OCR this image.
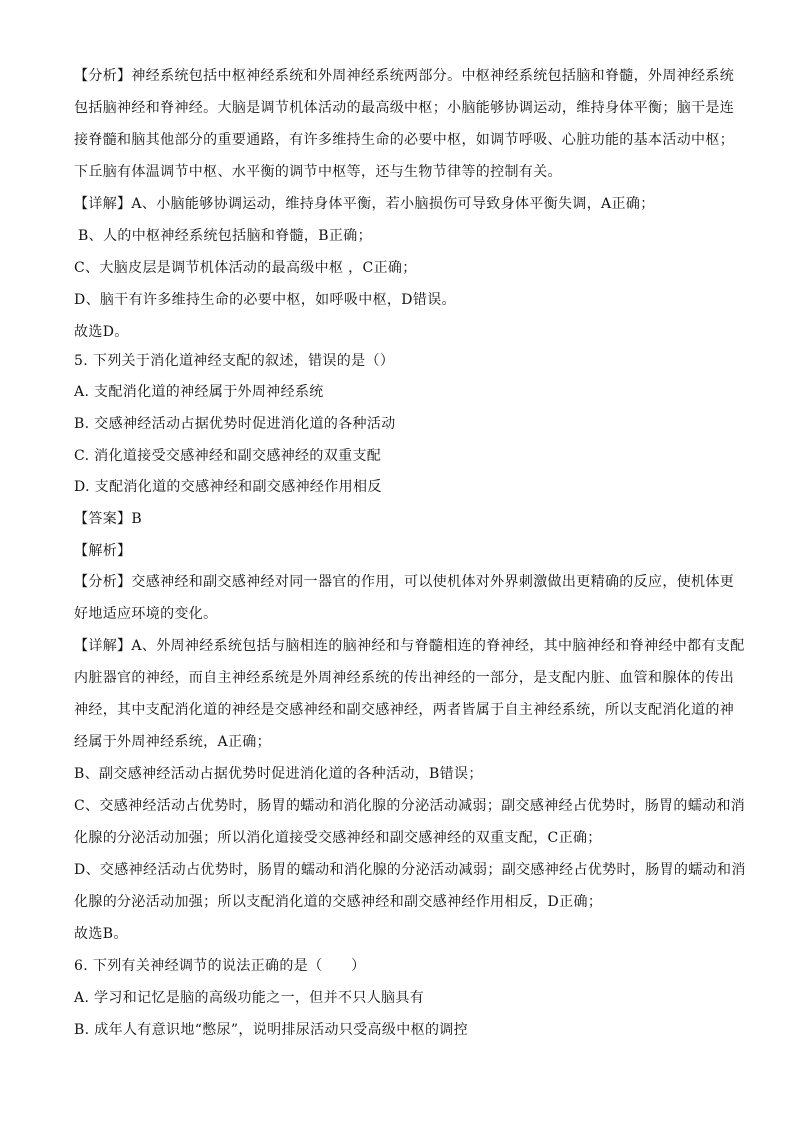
【分析】神经系统包括中枢神经系统和外周神经系统两部分。中枢神经系统包括脑和脊髓，外周神经系统
包括脑神经和脊神经。大脑是调节机体活动的最高级中枢；小脑能够协调运动，维持身体平衡；脑干是连
接脊髓和脑其他部分的重要通路，有许多维持生命的必要中枢，如调节呼吸、心脏功能的基本活动中枢；
下丘脑有体温调节中枢、水平衡的调节中枢等，还与生物节律等的控制有关。
【详解】A、小脑能够协调运动，维持身体平衡，若小脑损伤可导致身体平衡失调，A正确；
B、人的中枢神经系统包括脑和脊髓，B正确；
C、大脑皮层是调节机体活动的最高级中枢 ，C正确；
D、脑干有许多维持生命的必要中枢，如呼吸中枢，D错误。
故选D。
5. 下列关于消化道神经支配的叙述，错误的是（）
A. 支配消化道的神经属于外周神经系统
B. 交感神经活动占据优势时促进消化道的各种活动
C. 消化道接受交感神经和副交感神经的双重支配
D. 支配消化道的交感神经和副交感神经作用相反
【答案】B
【解析】
【分析】交感神经和副交感神经对同一器官的作用，可以使机体对外界刺激做出更精确的反应，使机体更
好地适应环境的变化。
【详解】A、外周神经系统包括与脑相连的脑神经和与脊髓相连的脊神经，其中脑神经和脊神经中都有支配
内脏器官的神经，而自主神经系统是外周神经系统的传出神经的一部分，是支配内脏、血管和腺体的传出
神经，其中支配消化道的神经是交感神经和副交感神经，两者皆属于自主神经系统，所以支配消化道的神
经属于外周神经系统，A正确；
B、副交感神经活动占据优势时促进消化道的各种活动，B错误；
C、交感神经活动占优势时，肠胃的蠕动和消化腺的分泌活动减弱；副交感神经占优势时，肠胃的蠕动和消
化腺的分泌活动加强；所以消化道接受交感神经和副交感神经的双重支配，C正确；
D、交感神经活动占优势时，肠胃的蠕动和消化腺的分泌活动减弱；副交感神经占优势时，肠胃的蠕动和消
化腺的分泌活动加强；所以支配消化道的交感神经和副交感神经作用相反，D正确；
故选B。
6. 下列有关神经调节的说法正确的是（　　）
A. 学习和记忆是脑的高级功能之一，但并不只人脑具有
B. 成年人有意识地“憋尿”，说明排尿活动只受高级中枢的调控
